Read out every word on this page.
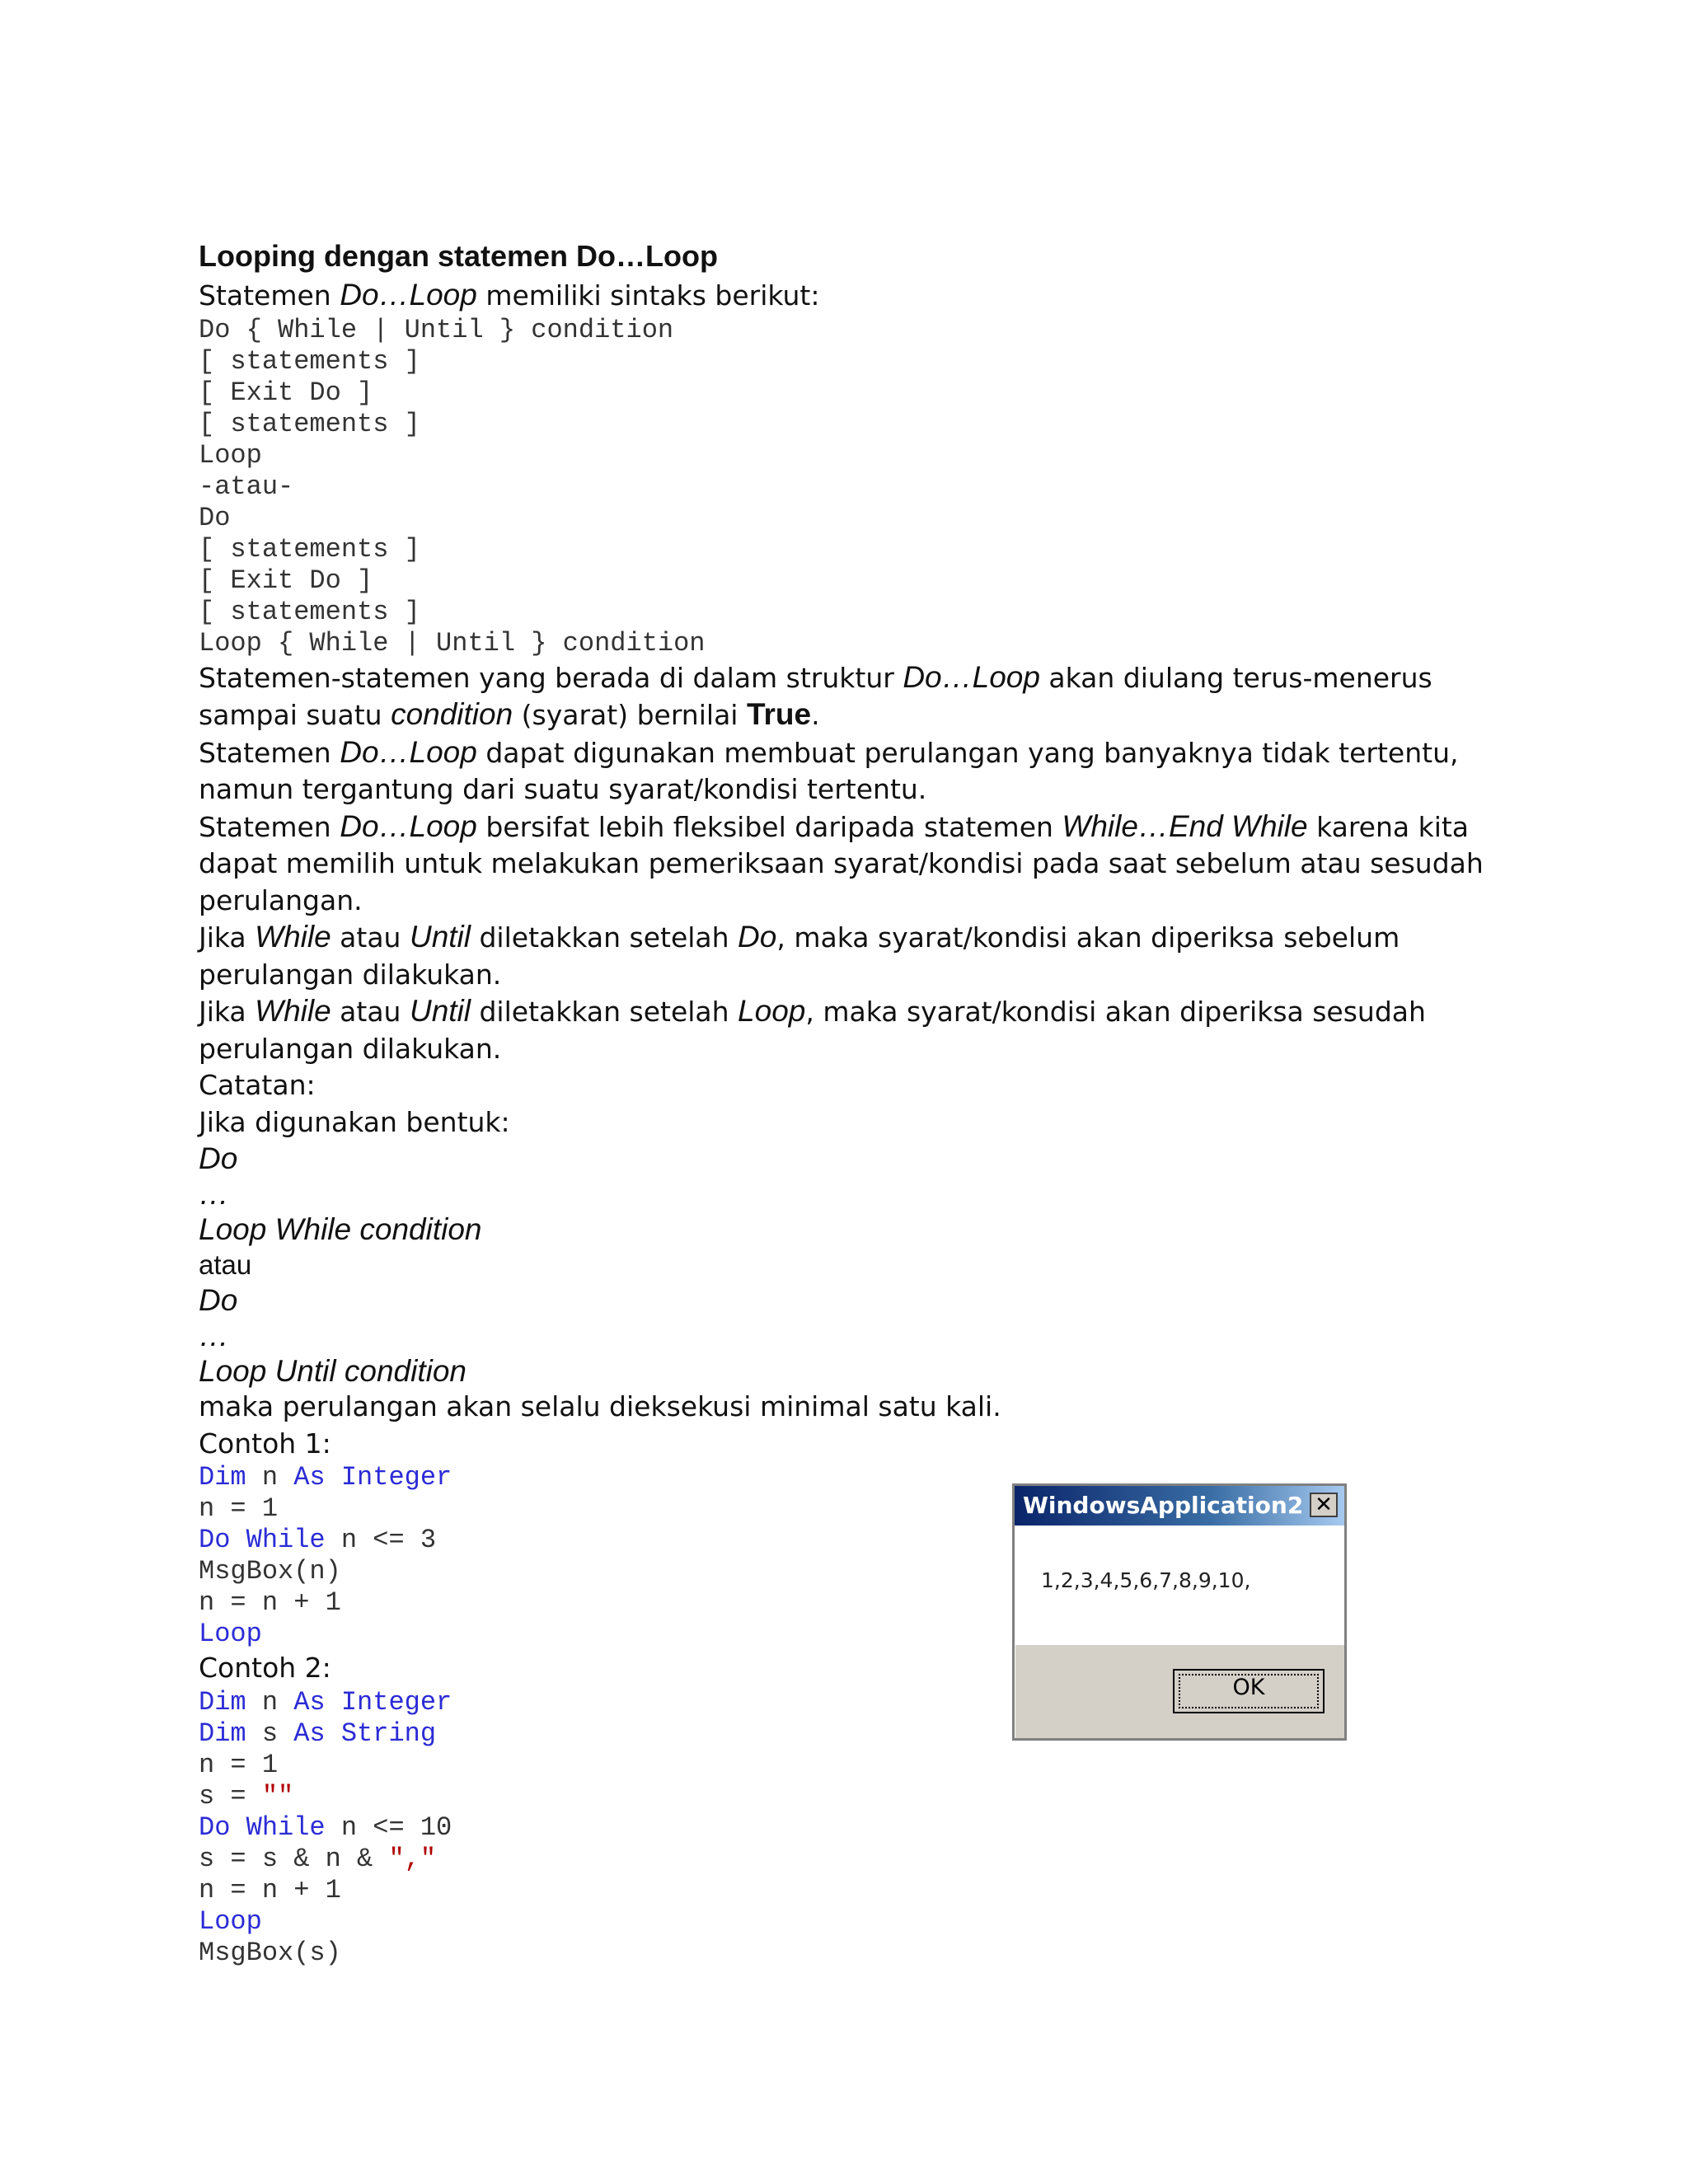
Looping dengan statemen Do…Loop

Statemen Do…Loop memiliki sintaks berikut:

Do { While | Until } condition
[ statements ]
[ Exit Do ]
[ statements ]
Loop
-atau-
Do
[ statements ]
[ Exit Do ]
[ statements ]
Loop { While | Until } condition

Statemen-statemen yang berada di dalam struktur Do…Loop akan diulang terus-menerus sampai suatu condition (syarat) bernilai True.

Statemen Do…Loop dapat digunakan membuat perulangan yang banyaknya tidak tertentu, namun tergantung dari suatu syarat/kondisi tertentu.

Statemen Do…Loop bersifat lebih fleksibel daripada statemen While…End While karena kita dapat memilih untuk melakukan pemeriksaan syarat/kondisi pada saat sebelum atau sesudah perulangan.

Jika While atau Until diletakkan setelah Do, maka syarat/kondisi akan diperiksa sebelum perulangan dilakukan.

Jika While atau Until diletakkan setelah Loop, maka syarat/kondisi akan diperiksa sesudah perulangan dilakukan.

Catatan:

Jika digunakan bentuk:

Do
…
Loop While condition
atau
Do
…
Loop Until condition

maka perulangan akan selalu dieksekusi minimal satu kali.

Contoh 1:

Dim n As Integer
n = 1
Do While n <= 3
MsgBox(n)
n = n + 1
Loop

Contoh 2:

Dim n As Integer
Dim s As String
n = 1
s = ""
Do While n <= 10
s = s & n & ","
n = n + 1
Loop
MsgBox(s)
WindowsApplication2 ✕
1,2,3,4,5,6,7,8,9,10,
OK
